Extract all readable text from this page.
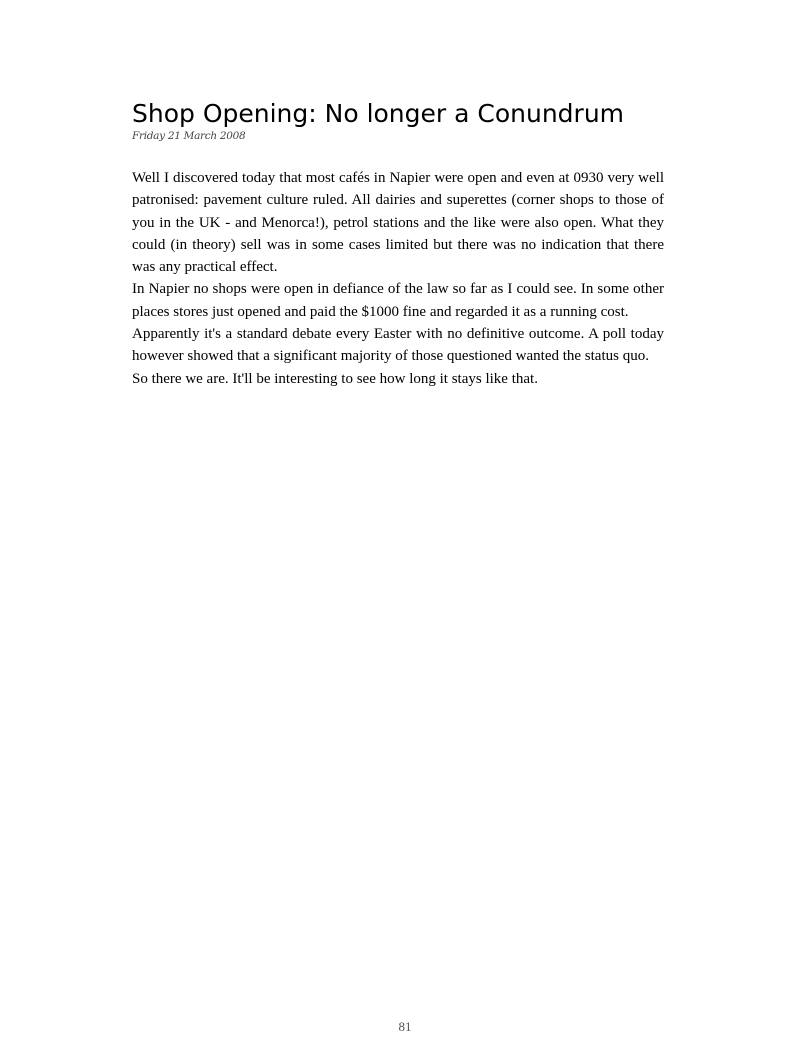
Shop Opening: No longer a Conundrum
Friday 21 March 2008

Well I discovered today that most cafés in Napier were open and even at 0930 very well patronised: pavement culture ruled. All dairies and superettes (corner shops to those of you in the UK - and Menorca!), petrol stations and the like were also open. What they could (in theory) sell was in some cases limited but there was no indication that there was any practical effect.

In Napier no shops were open in defiance of the law so far as I could see. In some other places stores just opened and paid the $1000 fine and regarded it as a running cost.

Apparently it's a standard debate every Easter with no definitive outcome. A poll today however showed that a significant majority of those questioned wanted the status quo.

So there we are. It'll be interesting to see how long it stays like that.

81
